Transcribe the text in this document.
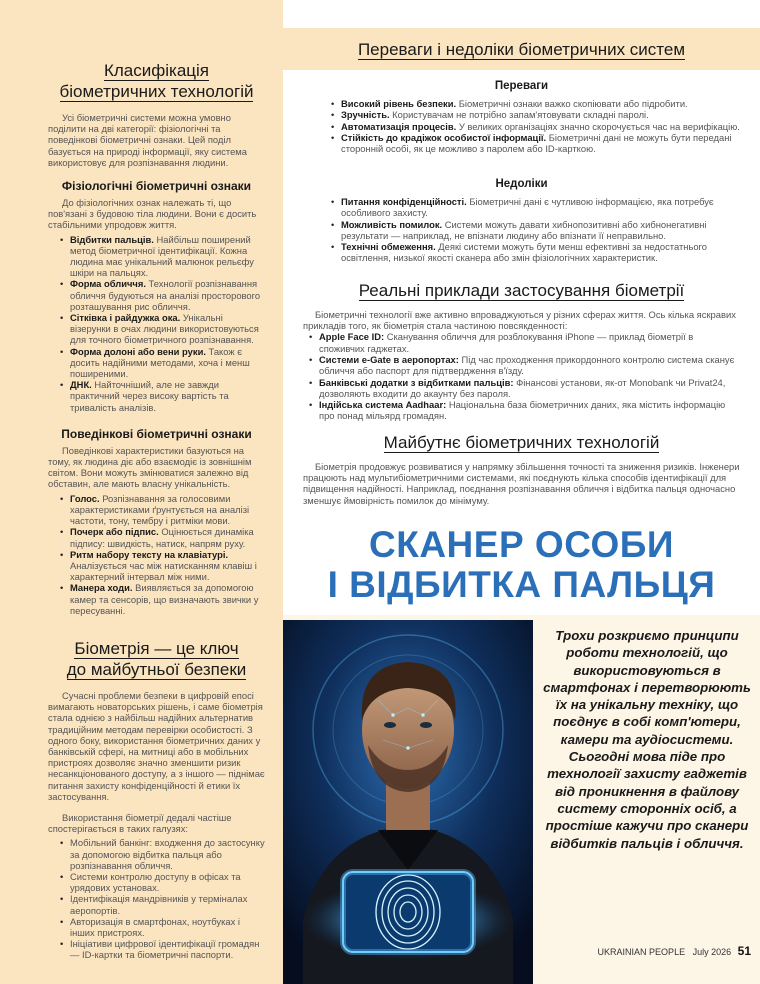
Класифікація
біометричних технологій

Усі біометричні системи можна умовно поділити на дві категорії: фізіологічні та поведінкові біометричні ознаки. Цей поділ базується на природі інформації, яку система використовує для розпізнавання людини.

Фізіологічні біометричні ознаки

До фізіологічних ознак належать ті, що пов'язані з будовою тіла людини. Вони є досить стабільними упродовж життя.

• Відбитки пальців. Найбільш поширений метод біометричної ідентифікації. Кожна людина має унікальний малюнок рельєфу шкіри на пальцях.
• Форма обличчя. Технології розпізнавання обличчя будуються на аналізі просторового розташування рис обличчя.
• Сітківка і райдужка ока. Унікальні візерунки в очах людини використовуються для точного біометричного розпізнавання.
• Форма долоні або вени руки. Також є досить надійними методами, хоча і менш поширеними.
• ДНК. Найточніший, але не завжди практичний через високу вартість та тривалість аналізів.
Поведінкові біометричні ознаки

Поведінкові характеристики базуються на тому, як людина діє або взаємодіє із зовнішнім світом. Вони можуть змінюватися залежно від обставин, але мають власну унікальність.

• Голос. Розпізнавання за голосовими характеристиками ґрунтується на аналізі частоти, тону, тембру і ритміки мови.
• Почерк або підпис. Оцінюється динаміка підпису: швидкість, натиск, напрям руху.
• Ритм набору тексту на клавіатурі. Аналізується час між натисканням клавіш і характерний інтервал між ними.
• Манера ходи. Виявляється за допомогою камер та сенсорів, що визначають звички у пересуванні.
Біометрія — це ключ
до майбутньої безпеки

Сучасні проблеми безпеки в цифровій епосі вимагають новаторських рішень, і саме біометрія стала однією з найбільш надійних альтернатив традиційним методам перевірки особистості. З одного боку, використання біометричних даних у банківській сфері, на митниці або в мобільних пристроях дозволяє значно зменшити ризик несанкціонованого доступу, а з іншого — піднімає питання захисту конфіденційності й етики їх застосування.

Використання біометрії дедалі частіше спостерігається в таких галузях:

• Мобільний банкінг: входження до застосунку за допомогою відбитка пальця або розпізнавання обличчя.
• Системи контролю доступу в офісах та урядових установах.
• Ідентифікація мандрівників у терміналах аеропортів.
• Авторизація в смартфонах, ноутбуках і інших пристроях.
• Ініціативи цифрової ідентифікації громадян — ID-картки та біометричні паспорти.
Переваги і недоліки біометричних систем
Переваги
• Високий рівень безпеки. Біометричні ознаки важко скопіювати або підробити.
• Зручність. Користувачам не потрібно запам'ятовувати складні паролі.
• Автоматизація процесів. У великих організаціях значно скорочується час на верифікацію.
• Стійкість до крадіжок особистої інформації. Біометричні дані не можуть бути передані сторонній особі, як це можливо з паролем або ID-карткою.
Недоліки
• Питання конфіденційності. Біометричні дані є чутливою інформацією, яка потребує особливого захисту.
• Можливість помилок. Системи можуть давати хибнопозитивні або хибнонегативні результати — наприклад, не впізнати людину або впізнати її неправильно.
• Технічні обмеження. Деякі системи можуть бути менш ефективні за недостатнього освітлення, низької якості сканера або змін фізіологічних характеристик.
Реальні приклади застосування біометрії

Біометричні технології вже активно впроваджуються у різних сферах життя. Ось кілька яскравих прикладів того, як біометрія стала частиною повсякденності:

• Apple Face ID: Сканування обличчя для розблокування iPhone — приклад біометрії в споживчих гаджетах.
• Системи e-Gate в аеропортах: Під час проходження прикордонного контролю система сканує обличчя або паспорт для підтвердження в'їзду.
• Банківські додатки з відбитками пальців: Фінансові установи, як-от Monobank чи Privat24, дозволяють входити до акаунту без пароля.
• Індійська система Aadhaar: Національна база біометричних даних, яка містить інформацію про понад мільярд громадян.
Майбутнє біометричних технологій

Біометрія продовжує розвиватися у напрямку збільшення точності та зниження ризиків. Інженери працюють над мультибіометричними системами, які поєднують кілька способів ідентифікації для підвищення надійності. Наприклад, поєднання розпізнавання обличчя і відбитка пальця одночасно зменшує ймовірність помилок до мінімуму.

СКАНЕР ОСОБИ
І ВІДБИТКА ПАЛЬЦЯ
Трохи розкриємо принципи роботи технологій, що використовуються в смартфонах і перетворюють їх на унікальну техніку, що поєднує в собі комп'ютери, камери та аудіосистеми. Сьогодні мова піде про технології захисту гаджетів від проникнення в файлову систему сторонніх осіб, а простіше кажучи про сканери відбитків пальців і обличчя.
UKRAINIAN PEOPLE July 2026 51
